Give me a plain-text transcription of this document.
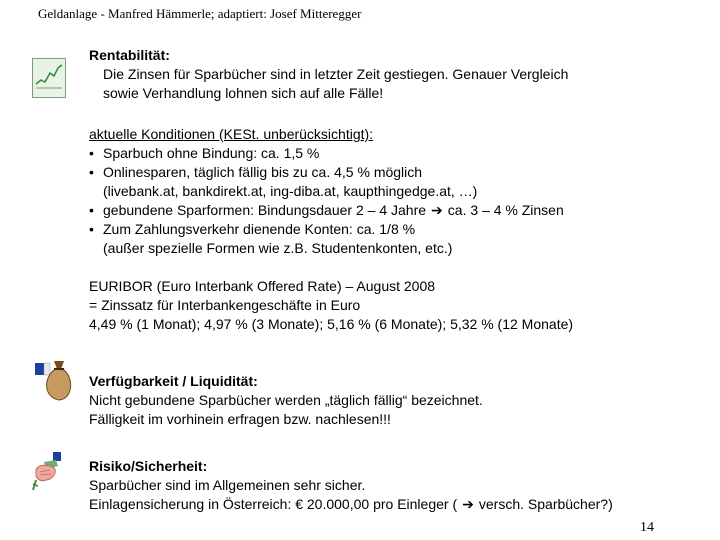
Geldanlage - Manfred Hämmerle; adaptiert: Josef Mitteregger
Rentabilität:
Die Zinsen für Sparbücher sind in letzter Zeit gestiegen. Genauer Vergleich
sowie Verhandlung lohnen sich auf alle Fälle!
aktuelle Konditionen (KESt. unberücksichtigt):
• Sparbuch ohne Bindung: ca. 1,5 %
• Onlinesparen, täglich fällig bis zu ca. 4,5 % möglich
(livebank.at, bankdirekt.at, ing-diba.at, kaupthingedge.at, …)
• gebundene Sparformen: Bindungsdauer 2 – 4 Jahre ➔ ca. 3 – 4 % Zinsen
• Zum Zahlungsverkehr dienende Konten: ca. 1/8 %
(außer spezielle Formen wie z.B. Studentenkonten, etc.)
EURIBOR (Euro Interbank Offered Rate) – August 2008
= Zinssatz für Interbankengeschäfte in Euro
4,49 % (1 Monat); 4,97 % (3 Monate); 5,16 % (6 Monate); 5,32 % (12 Monate)
Verfügbarkeit / Liquidität:
Nicht gebundene Sparbücher werden „täglich fällig“ bezeichnet.
Fälligkeit im vorhinein erfragen bzw. nachlesen!!!
Risiko/Sicherheit:
Sparbücher sind im Allgemeinen sehr sicher.
Einlagensicherung in Österreich: € 20.000,00 pro Einleger ( ➔ versch. Sparbücher?)
14
